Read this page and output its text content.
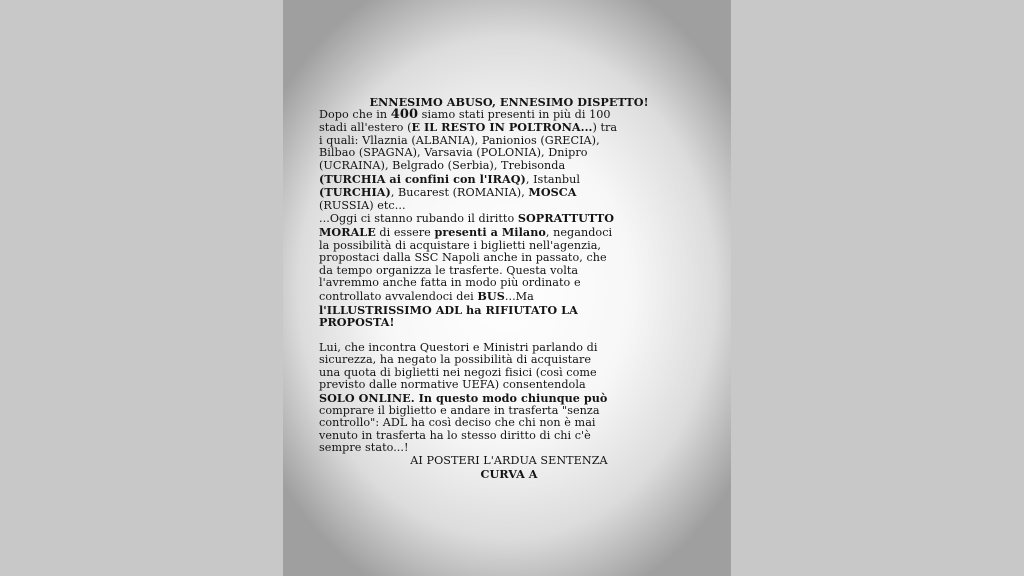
ENNESIMO ABUSO, ENNESIMO DISPETTO!
Dopo che in 400 siamo stati presenti in più di 100
stadi all'estero (E IL RESTO IN POLTRONA...) tra
i quali: Vllaznia (ALBANIA), Panionios (GRECIA),
Bilbao (SPAGNA), Varsavia (POLONIA), Dnipro
(UCRAINA), Belgrado (Serbia), Trebisonda
(TURCHIA ai confini con l'IRAQ), Istanbul
(TURCHIA), Bucarest (ROMANIA), MOSCA
(RUSSIA) etc...
...Oggi ci stanno rubando il diritto SOPRATTUTTO
MORALE di essere presenti a Milano, negandoci
la possibilità di acquistare i biglietti nell'agenzia,
propostaci dalla SSC Napoli anche in passato, che
da tempo organizza le trasferte. Questa volta
l'avremmo anche fatta in modo più ordinato e
controllato avvalendoci dei BUS...Ma
l'ILLUSTRISSIMO ADL ha RIFIUTATO LA
PROPOSTA!
Lui, che incontra Questori e Ministri parlando di
sicurezza, ha negato la possibilità di acquistare
una quota di biglietti nei negozi fisici (così come
previsto dalle normative UEFA) consentendola
SOLO ONLINE. In questo modo chiunque può
comprare il biglietto e andare in trasferta "senza
controllo": ADL ha così deciso che chi non è mai
venuto in trasferta ha lo stesso diritto di chi c'è
sempre stato...!
AI POSTERI L'ARDUA SENTENZA
CURVA A
